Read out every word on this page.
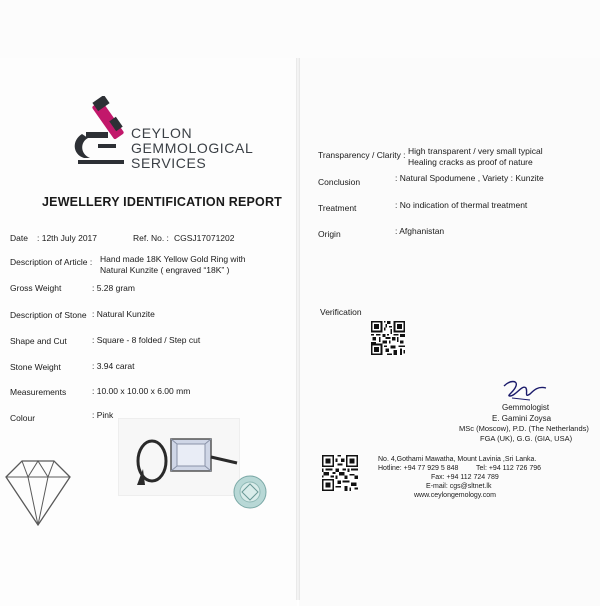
CEYLON
GEMMOLOGICAL
SERVICES
JEWELLERY IDENTIFICATION REPORT
Date : 12th July 2017	Ref. No. : CGSJ17071202
Description of Article : Hand made 18K Yellow Gold Ring with
Natural Kunzite ( engraved “18K” )
Gross Weight	: 5.28 gram
Description of Stone : Natural Kunzite
Shape and Cut	: Square - 8 folded / Step cut
Stone Weight	: 3.94 carat
Measurements	: 10.00 x 10.00 x 6.00 mm
Colour	: Pink
Transparency / Clarity : High transparent / very small typical
Healing cracks as proof of nature
Conclusion	: Natural Spodumene , Variety : Kunzite
Treatment	: No indication of thermal treatment
Origin	: Afghanistan
Verification
Gemmologist
E. Gamini Zoysa
MSc (Moscow), P.D. (The Netherlands)
FGA (UK), G.G. (GIA, USA)
No. 4,Gothami Mawatha, Mount Lavinia ,Sri Lanka.
Hotline: +94 77 929 5 848	Tel: +94 112 726 796
Fax: +94 112 724 789
E-mail: cgs@sltnet.lk
www.ceylongemology.com
